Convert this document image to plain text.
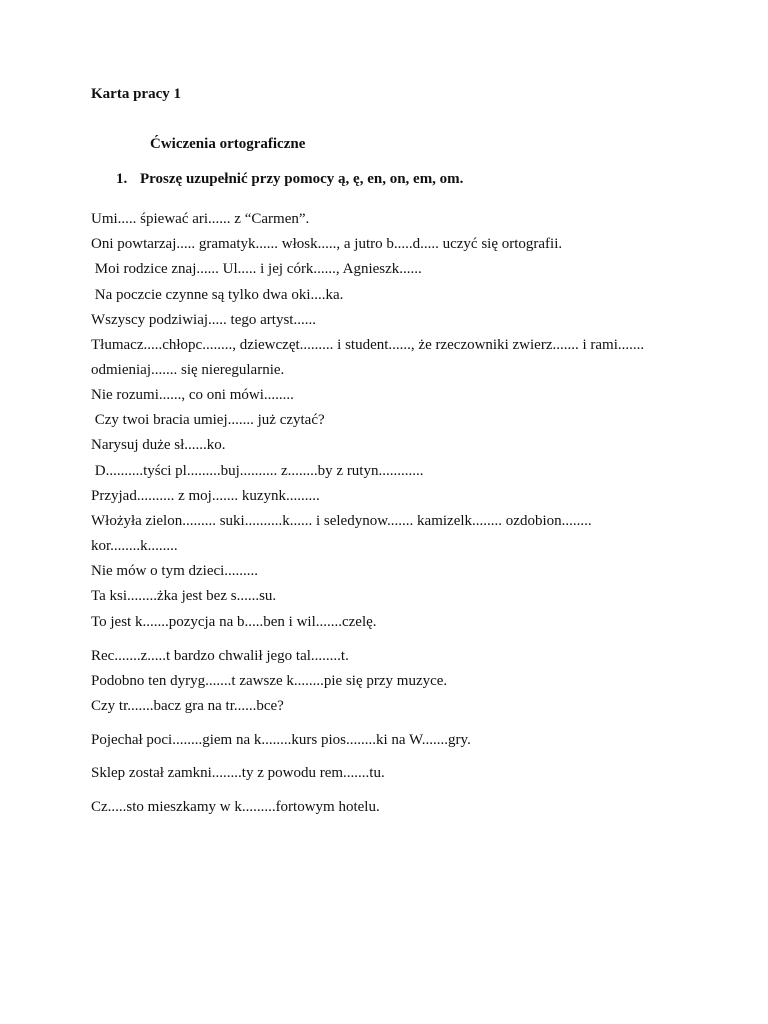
Karta pracy 1
Ćwiczenia ortograficzne
1. Proszę uzupełnić przy pomocy ą, ę, en, on, em, om.
Umi..... śpiewać ari...... z “Carmen”.
Oni powtarzaj..... gramatyk...... włosk....., a jutro b.....d..... uczyć się ortografii.
Moi rodzice znaj...... Ul..... i jej córk......, Agnieszk......
Na poczcie czynne są tylko dwa oki....ka.
Wszyscy podziwiaj..... tego artyst......
Tłumacz.....chłopc........, dziewczęt......... i student......, że rzeczowniki zwierz....... i rami.......
odmieniaj....... się nieregularnie.
Nie rozumi......, co oni mówi........
Czy twoi bracia umiej....... już czytać?
Narysuj duże sł......ko.
D..........tyści pl.........buj.......... z........by z rutyn............
Przyjad.......... z moj....... kuzynk.........
Włożyła zielon......... suki..........k...... i seledynow....... kamizelk........ ozdobion........
kor........k........
Nie mów o tym dzieci.........
Ta ksi........żka jest bez s......su.
To jest k.......pozycja na b.....ben i wil.......czelę.
Rec.......z.....t bardzo chwalił jego tal........t.
Podobno ten dyryg.......t zawsze k........pie się przy muzyce.
Czy tr.......bacz gra na tr......bce?
Pojechał poci........giem na k........kurs pios........ki na W.......gry.
Sklep został zamkni........ty z powodu rem.......tu.
Cz.....sto mieszkamy w k.........fortowym hotelu.
